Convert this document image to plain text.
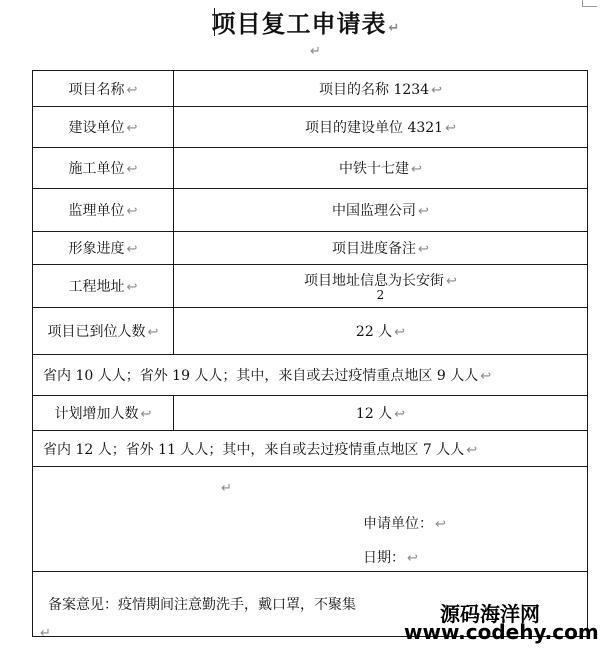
项目复工申请表 ↵
↵
项目名称 ↩	项目的名称 1234 ↩
建设单位 ↩	项目的建设单位 4321 ↩
施工单位 ↩	中铁十七建 ↩
监理单位 ↩	中国监理公司 ↩
形象进度 ↩	项目进度备注 ↩
工程地址 ↩	项目地址信息为长安街 ↩
2

项目已到位人数 ↩	22 人 ↩
省内 10 人人；省外 19 人人；其中，来自或去过疫情重点地区 9 人人 ↩	
计划增加人数 ↩	12 人 ↩
省内 12 人；省外 11 人人；其中，来自或去过疫情重点地区 7 人人 ↩	

↵
申请单位： ↩
日期： ↩	

备案意见：疫情期间注意勤洗手，戴口罩，不聚集
↵
源码海洋网
www.codehy.com
